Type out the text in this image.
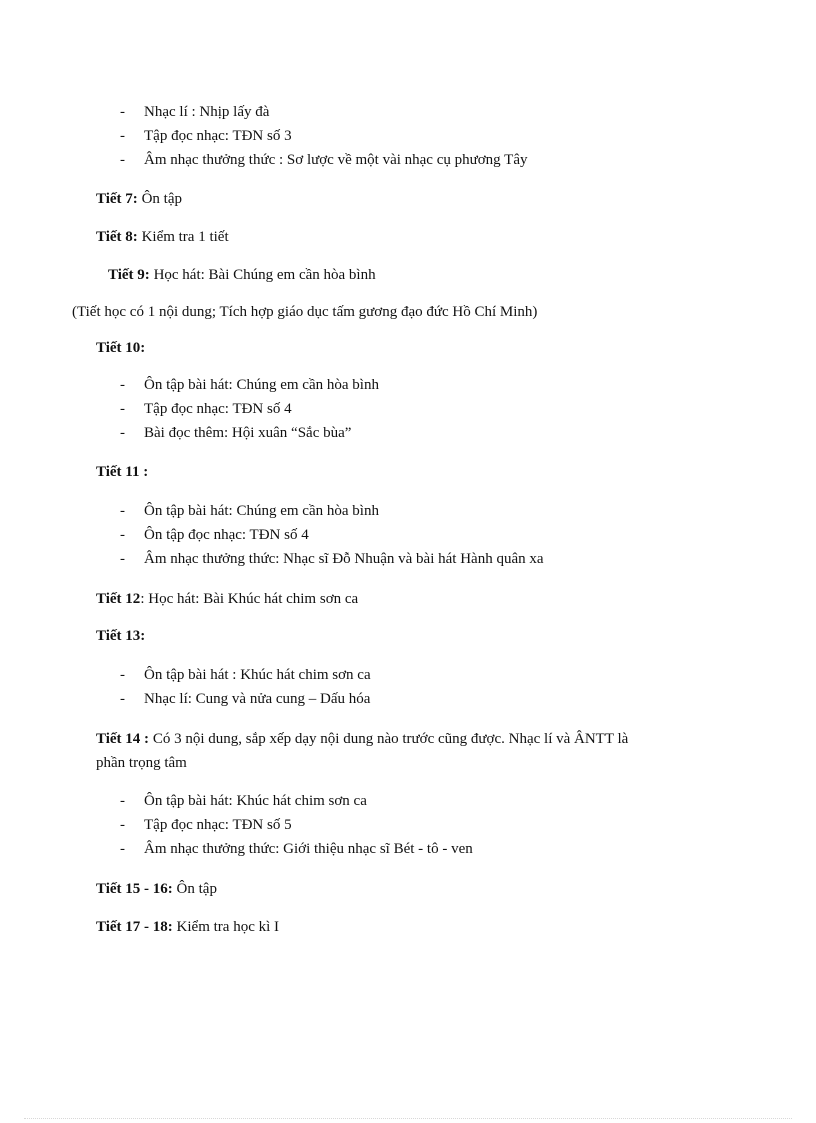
- Nhạc lí : Nhịp lấy đà
- Tập đọc nhạc: TĐN số 3
- Âm nhạc thưởng thức : Sơ lược về một vài nhạc cụ phương Tây
Tiết 7: Ôn tập
Tiết 8: Kiểm tra 1 tiết
Tiết 9: Học hát: Bài Chúng em cần hòa bình
(Tiết học có 1 nội dung; Tích hợp giáo dục tấm gương đạo đức Hồ Chí Minh)
Tiết 10:
- Ôn tập bài hát: Chúng em cần hòa bình
- Tập đọc nhạc: TĐN số 4
- Bài đọc thêm: Hội xuân “Sắc bùa”
Tiết 11 :
- Ôn tập bài hát: Chúng em cần hòa bình
- Ôn tập đọc nhạc: TĐN số 4
- Âm nhạc thưởng thức: Nhạc sĩ Đỗ Nhuận và bài hát Hành quân xa
Tiết 12: Học hát: Bài Khúc hát chim sơn ca
Tiết 13:
- Ôn tập bài hát : Khúc hát chim sơn ca
- Nhạc lí: Cung và nửa cung – Dấu hóa
Tiết 14 : Có 3 nội dung, sắp xếp dạy nội dung nào trước cũng được. Nhạc lí và ÂNTT là
phần trọng tâm
- Ôn tập bài hát: Khúc hát chim sơn ca
- Tập đọc nhạc: TĐN số 5
- Âm nhạc thưởng thức: Giới thiệu nhạc sĩ Bét - tô - ven
Tiết 15 - 16: Ôn tập
Tiết 17 - 18: Kiểm tra học kì I
